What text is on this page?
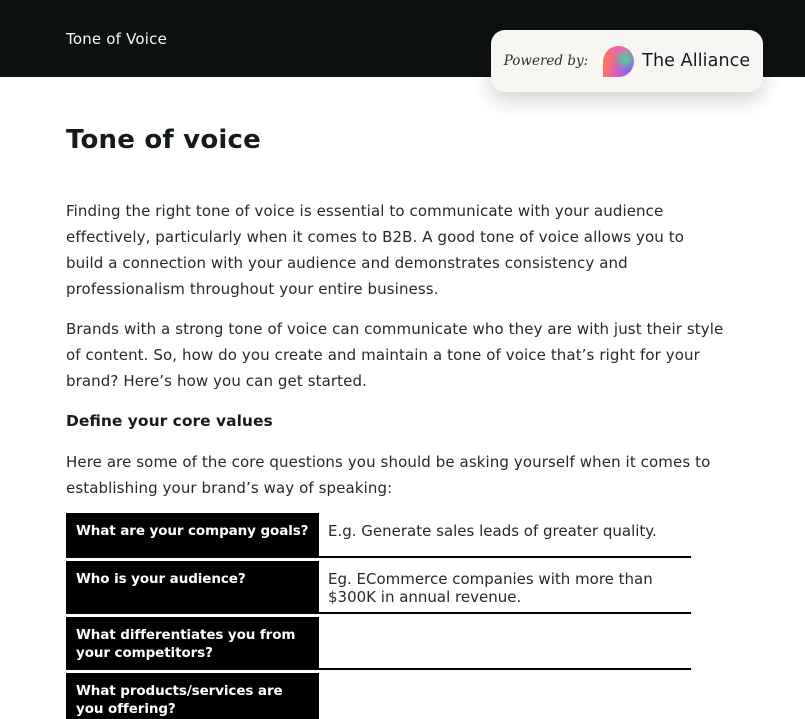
Tone of Voice
Powered by:	The Alliance
Tone of voice

Finding the right tone of voice is essential to communicate with your audience effectively, particularly when it comes to B2B. A good tone of voice allows you to build a connection with your audience and demonstrates consistency and professionalism throughout your entire business.

Brands with a strong tone of voice can communicate who they are with just their style of content. So, how do you create and maintain a tone of voice that’s right for your brand? Here’s how you can get started.

Define your core values

Here are some of the core questions you should be asking yourself when it comes to establishing your brand’s way of speaking:

What are your company goals?	E.g. Generate sales leads of greater quality.
Who is your audience?	Eg. ECommerce companies with more than $300K in annual revenue.
What differentiates you from your competitors?
What products/services are you offering?
